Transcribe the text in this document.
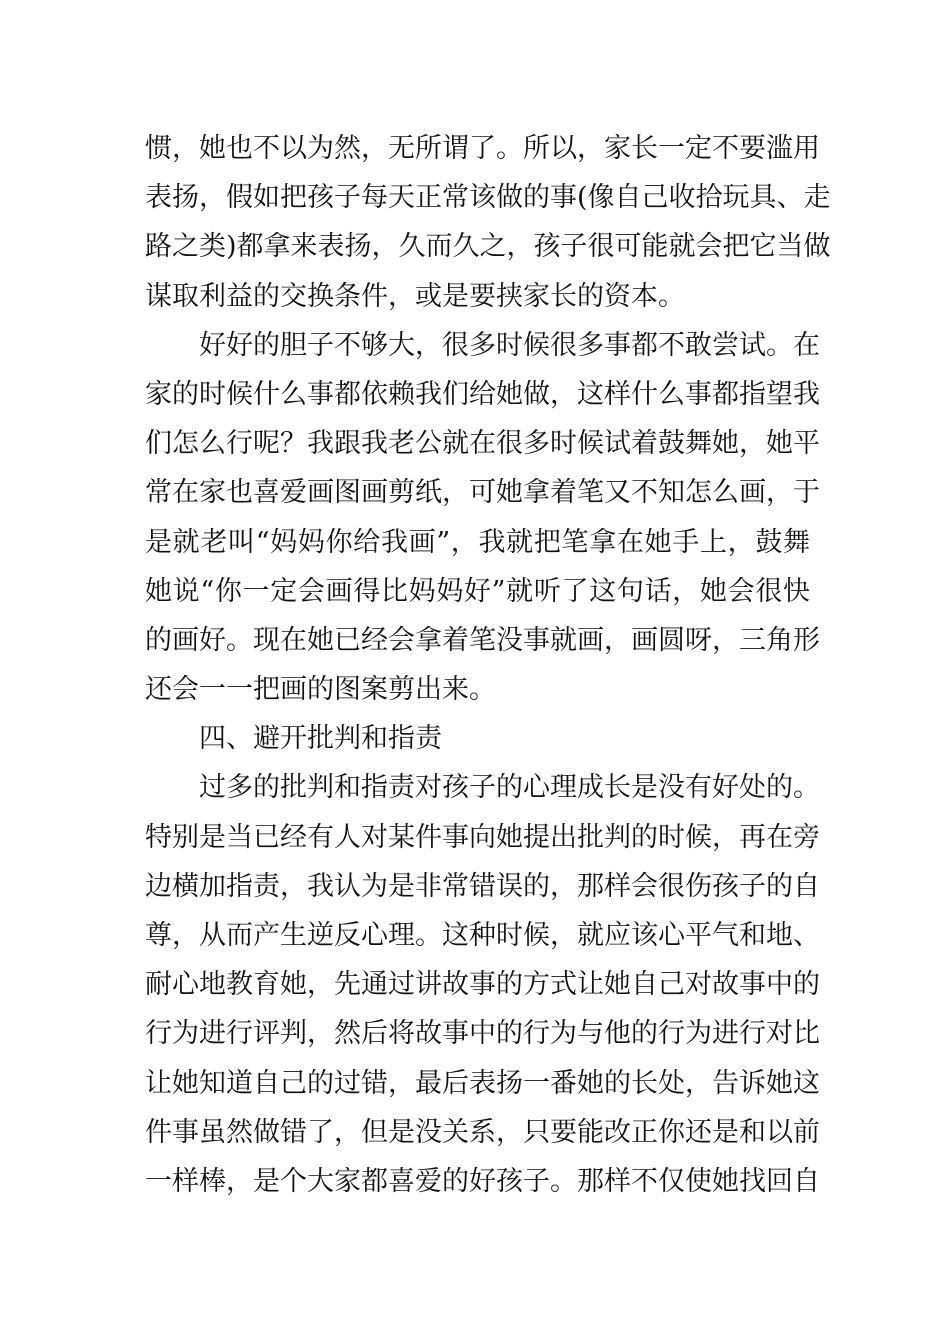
惯，她也不以为然，无所谓了。所以，家长一定不要滥用
表扬，假如把孩子每天正常该做的事(像自己收拾玩具、走
路之类)都拿来表扬，久而久之，孩子很可能就会把它当做
谋取利益的交换条件，或是要挟家长的资本。
好好的胆子不够大，很多时候很多事都不敢尝试。在
家的时候什么事都依赖我们给她做，这样什么事都指望我
们怎么行呢？我跟我老公就在很多时候试着鼓舞她，她平
常在家也喜爱画图画剪纸，可她拿着笔又不知怎么画，于
是就老叫“妈妈你给我画”，我就把笔拿在她手上，鼓舞
她说“你一定会画得比妈妈好”就听了这句话，她会很快
的画好。现在她已经会拿着笔没事就画，画圆呀，三角形
还会一一把画的图案剪出来。
四、避开批判和指责
过多的批判和指责对孩子的心理成长是没有好处的。
特别是当已经有人对某件事向她提出批判的时候，再在旁
边横加指责，我认为是非常错误的，那样会很伤孩子的自
尊，从而产生逆反心理。这种时候，就应该心平气和地、
耐心地教育她，先通过讲故事的方式让她自己对故事中的
行为进行评判，然后将故事中的行为与他的行为进行对比
让她知道自己的过错，最后表扬一番她的长处，告诉她这
件事虽然做错了，但是没关系，只要能改正你还是和以前
一样棒，是个大家都喜爱的好孩子。那样不仅使她找回自
